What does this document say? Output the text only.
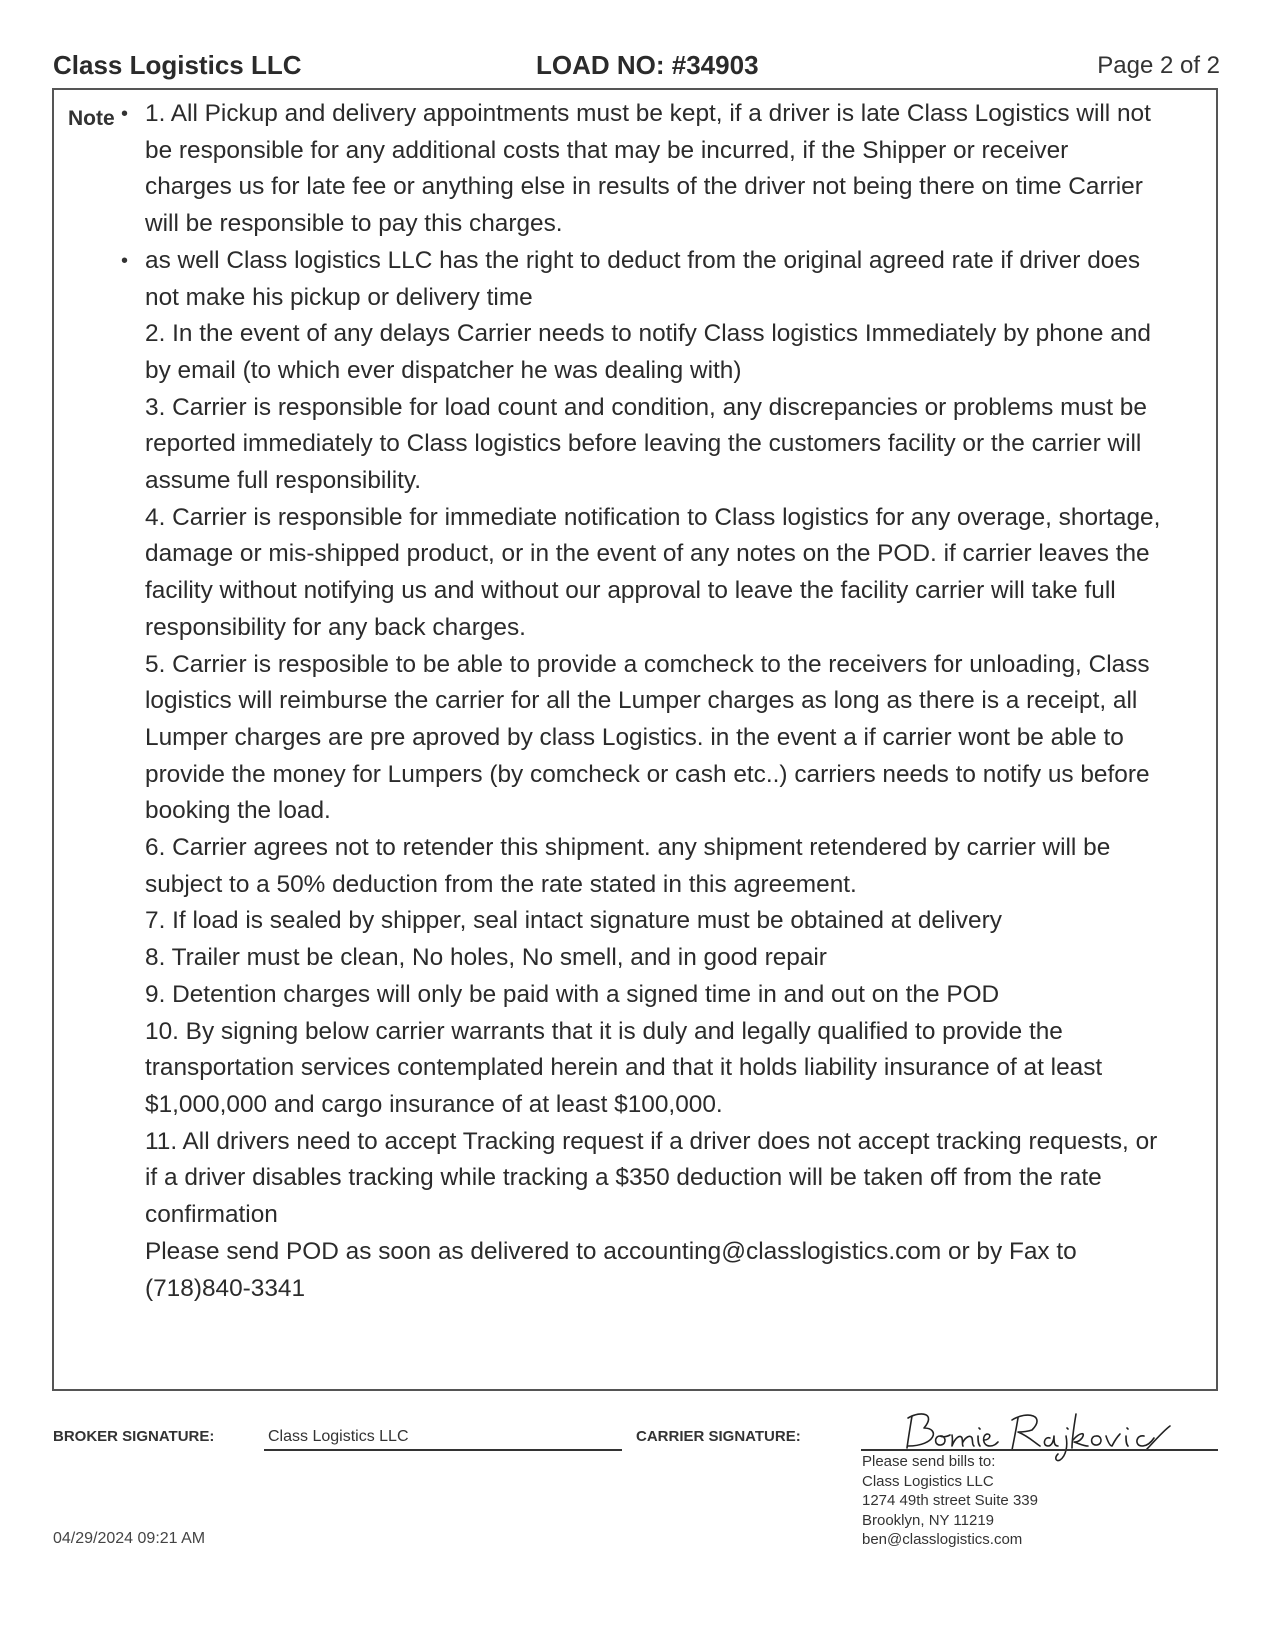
Class Logistics LLC	LOAD NO: #34903	Page 2 of 2
Note • 1. All Pickup and delivery appointments must be kept, if a driver is late Class Logistics will not
be responsible for any additional costs that may be incurred, if the Shipper or receiver
charges us for late fee or anything else in results of the driver not being there on time Carrier
will be responsible to pay this charges.
• as well Class logistics LLC has the right to deduct from the original agreed rate if driver does
not make his pickup or delivery time
2. In the event of any delays Carrier needs to notify Class logistics Immediately by phone and
by email (to which ever dispatcher he was dealing with)
3. Carrier is responsible for load count and condition, any discrepancies or problems must be
reported immediately to Class logistics before leaving the customers facility or the carrier will
assume full responsibility.
4. Carrier is responsible for immediate notification to Class logistics for any overage, shortage,
damage or mis-shipped product, or in the event of any notes on the POD. if carrier leaves the
facility without notifying us and without our approval to leave the facility carrier will take full
responsibility for any back charges.
5. Carrier is resposible to be able to provide a comcheck to the receivers for unloading, Class
logistics will reimburse the carrier for all the Lumper charges as long as there is a receipt, all
Lumper charges are pre aproved by class Logistics. in the event a if carrier wont be able to
provide the money for Lumpers (by comcheck or cash etc..) carriers needs to notify us before
booking the load.
6. Carrier agrees not to retender this shipment. any shipment retendered by carrier will be
subject to a 50% deduction from the rate stated in this agreement.
7. If load is sealed by shipper, seal intact signature must be obtained at delivery
8. Trailer must be clean, No holes, No smell, and in good repair
9. Detention charges will only be paid with a signed time in and out on the POD
10. By signing below carrier warrants that it is duly and legally qualified to provide the
transportation services contemplated herein and that it holds liability insurance of at least
$1,000,000 and cargo insurance of at least $100,000.
11. All drivers need to accept Tracking request if a driver does not accept tracking requests, or
if a driver disables tracking while tracking a $350 deduction will be taken off from the rate
confirmation
Please send POD as soon as delivered to accounting@classlogistics.com or by Fax to
(718)840-3341
BROKER SIGNATURE:	Class Logistics LLC	CARRIER SIGNATURE:
Please send bills to:
Class Logistics LLC
1274 49th street Suite 339
Brooklyn, NY 11219
ben@classlogistics.com
04/29/2024 09:21 AM
